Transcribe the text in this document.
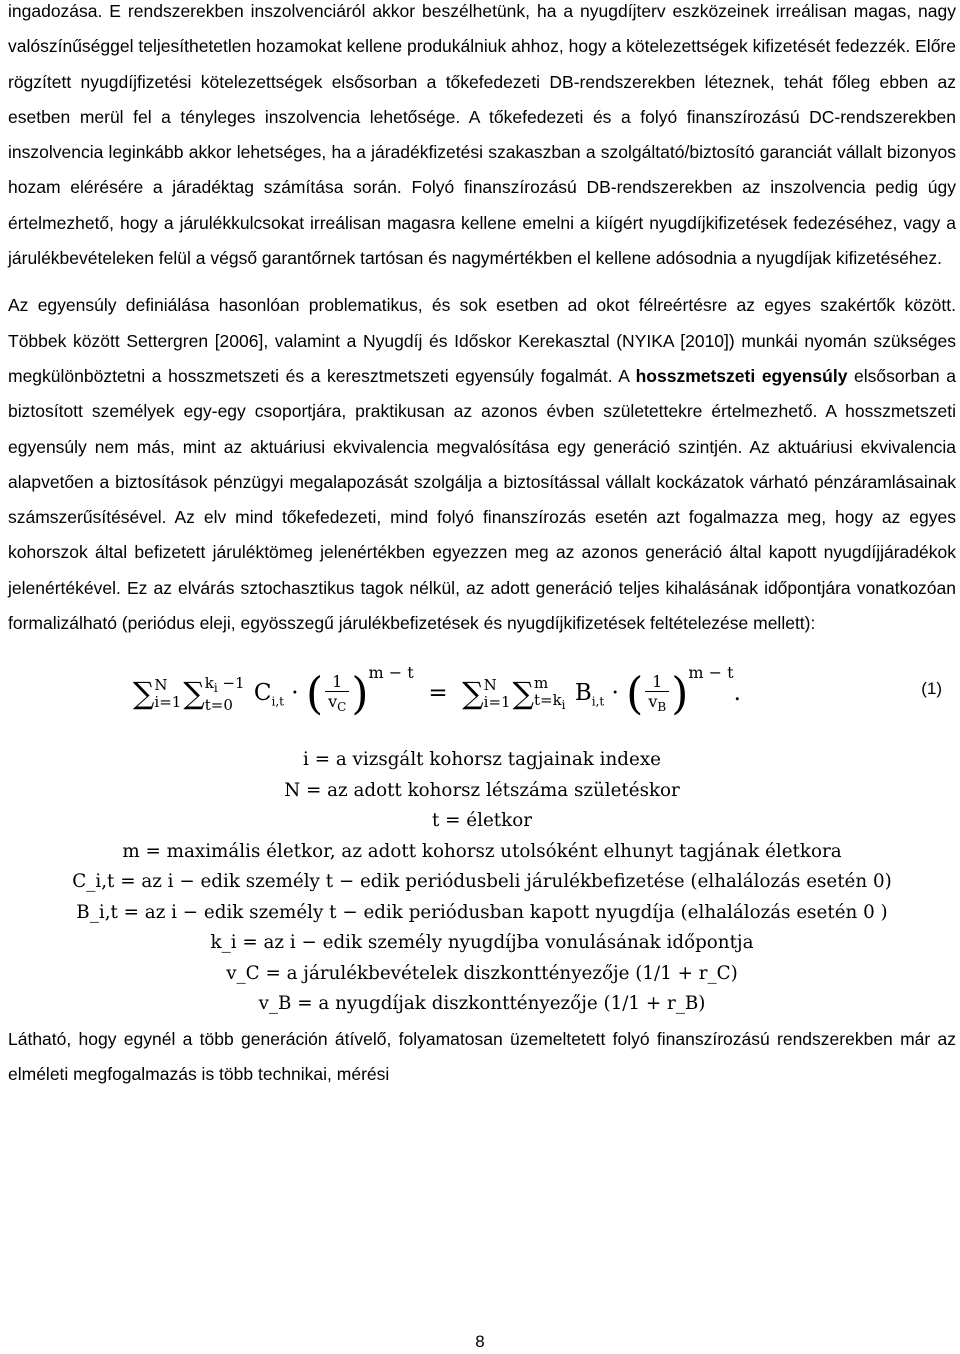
ingadozása. E rendszerekben inszolvenciáról akkor beszélhetünk, ha a nyugdíjterv eszközeinek irreálisan magas, nagy valószínűséggel teljesíthetetlen hozamokat kellene produkálniuk ahhoz, hogy a kötelezettségek kifizetését fedezzék. Előre rögzített nyugdíjfizetési kötelezettségek elsősorban a tőkefedezeti DB-rendszerekben léteznek, tehát főleg ebben az esetben merül fel a tényleges inszolvencia lehetősége. A tőkefedezeti és a folyó finanszírozású DC-rendszerekben inszolvencia leginkább akkor lehetséges, ha a járadékfizetési szakaszban a szolgáltató/biztosító garanciát vállalt bizonyos hozam elérésére a járadéktag számítása során. Folyó finanszírozású DB-rendszerekben az inszolvencia pedig úgy értelmezhető, hogy a járulékkulcsokat irreálisan magasra kellene emelni a kiígért nyugdíjkifizetések fedezéséhez, vagy a járulékbevételeken felül a végső garantőrnek tartósan és nagymértékben el kellene adósodnia a nyugdíjak kifizetéséhez.

Az egyensúly definiálása hasonlóan problematikus, és sok esetben ad okot félreértésre az egyes szakértők között. Többek között Settergren [2006], valamint a Nyugdíj és Időskor Kerekasztal (NYIKA [2010]) munkái nyomán szükséges megkülönböztetni a hosszmetszeti és a keresztmetszeti egyensúly fogalmát. A hosszmetszeti egyensúly elsősorban a biztosított személyek egy-egy csoportjára, praktikusan az azonos évben születettekre értelmezhető. A hosszmetszeti egyensúly nem más, mint az aktuáriusi ekvivalencia megvalósítása egy generáció szintjén. Az aktuáriusi ekvivalencia alapvetően a biztosítások pénzügyi megalapozását szolgálja a biztosítással vállalt kockázatok várható pénzáramlásainak számszerűsítésével. Az elv mind tőkefedezeti, mind folyó finanszírozás esetén azt fogalmazza meg, hogy az egyes kohorszok által befizetett járuléktömeg jelenértékben egyezzen meg az azonos generáció által kapott nyugdíjjáradékok jelenértékével. Ez az elvárás sztochasztikus tagok nélkül, az adott generáció teljes kihalásának időpontjára vonatkozóan formalizálható (periódus eleji, egyösszegű járulékbefizetések és nyugdíjkifizetések feltételezése mellett):

∑ N
i=1 ∑ $k_i -1$
t=0 $C_{i,t}$ · ( $\frac{1}{v_C} )^{m - t}$  =  ∑ N
i=1 ∑ m
$t=k_i$ $B_{i,t}$ · ( $\frac{1}{v_B} )^{m - t}$.	(1)
i = a vizsgált kohorsz tagjainak indexe
N = az adott kohorsz létszáma születéskor
t = életkor
m = maximális életkor, az adott kohorsz utolsóként elhunyt tagjának életkora
C_i,t = az i − edik személy t − edik periódusbeli járulékbefizetése (elhalálozás esetén 0)
B_i,t = az i − edik személy t − edik periódusban kapott nyugdíja (elhalálozás esetén 0 )
k_i = az i − edik személy nyugdíjba vonulásának időpontja
v_C = a járulékbevételek diszkonttényezője (1/1 + r_C)
v_B = a nyugdíjak diszkonttényezője (1/1 + r_B)

Látható, hogy egynél a több generáción átívelő, folyamatosan üzemeltetett folyó finanszírozású rendszerekben már az elméleti megfogalmazás is több technikai, mérési

8
